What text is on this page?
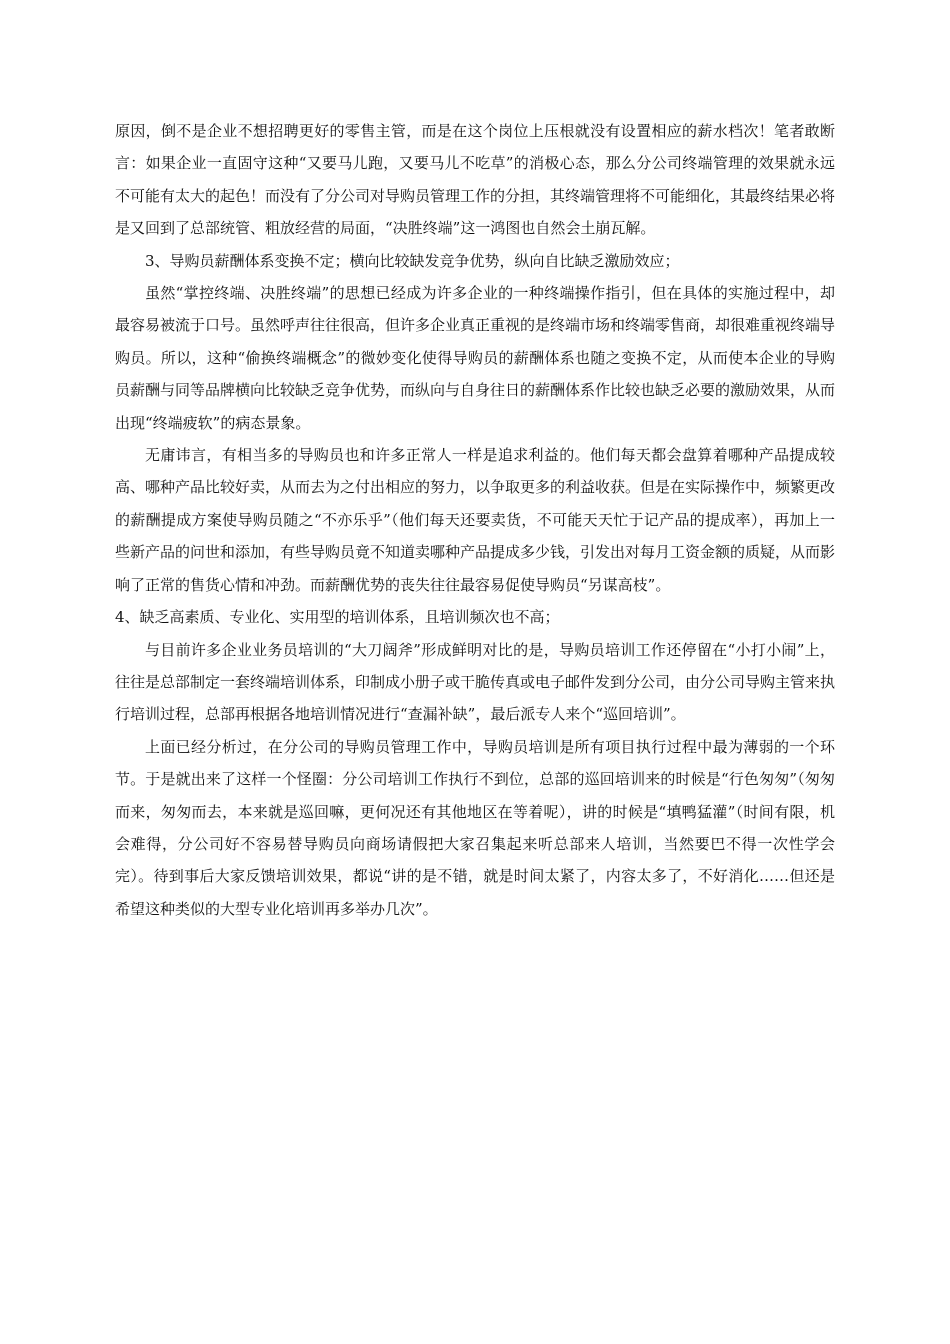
原因，倒不是企业不想招聘更好的零售主管，而是在这个岗位上压根就没有设置相应的薪水档次！笔者敢断言：如果企业一直固守这种“又要马儿跑，又要马儿不吃草”的消极心态，那么分公司终端管理的效果就永远不可能有太大的起色！而没有了分公司对导购员管理工作的分担，其终端管理将不可能细化，其最终结果必将是又回到了总部统管、粗放经营的局面，“决胜终端”这一鸿图也自然会土崩瓦解。

3、导购员薪酬体系变换不定；横向比较缺发竞争优势，纵向自比缺乏激励效应；

虽然“掌控终端、决胜终端”的思想已经成为许多企业的一种终端操作指引，但在具体的实施过程中，却最容易被流于口号。虽然呼声往往很高，但许多企业真正重视的是终端市场和终端零售商，却很难重视终端导购员。所以，这种“偷换终端概念”的微妙变化使得导购员的薪酬体系也随之变换不定，从而使本企业的导购员薪酬与同等品牌横向比较缺乏竞争优势，而纵向与自身往日的薪酬体系作比较也缺乏必要的激励效果，从而出现“终端疲软”的病态景象。

无庸讳言，有相当多的导购员也和许多正常人一样是追求利益的。他们每天都会盘算着哪种产品提成较高、哪种产品比较好卖，从而去为之付出相应的努力，以争取更多的利益收获。但是在实际操作中，频繁更改的薪酬提成方案使导购员随之“不亦乐乎”（他们每天还要卖货，不可能天天忙于记产品的提成率），再加上一些新产品的问世和添加，有些导购员竟不知道卖哪种产品提成多少钱，引发出对每月工资金额的质疑，从而影响了正常的售货心情和冲劲。而薪酬优势的丧失往往最容易促使导购员“另谋高枝”。

4、缺乏高素质、专业化、实用型的培训体系，且培训频次也不高；

与目前许多企业业务员培训的“大刀阔斧”形成鲜明对比的是，导购员培训工作还停留在“小打小闹”上，往往是总部制定一套终端培训体系，印制成小册子或干脆传真或电子邮件发到分公司，由分公司导购主管来执行培训过程，总部再根据各地培训情况进行“查漏补缺”，最后派专人来个“巡回培训”。

上面已经分析过，在分公司的导购员管理工作中，导购员培训是所有项目执行过程中最为薄弱的一个环节。于是就出来了这样一个怪圈：分公司培训工作执行不到位，总部的巡回培训来的时候是“行色匆匆”（匆匆而来，匆匆而去，本来就是巡回嘛，更何况还有其他地区在等着呢），讲的时候是“填鸭猛灌”（时间有限，机会难得，分公司好不容易替导购员向商场请假把大家召集起来听总部来人培训，当然要巴不得一次性学会完）。待到事后大家反馈培训效果，都说“讲的是不错，就是时间太紧了，内容太多了，不好消化……但还是希望这种类似的大型专业化培训再多举办几次”。
